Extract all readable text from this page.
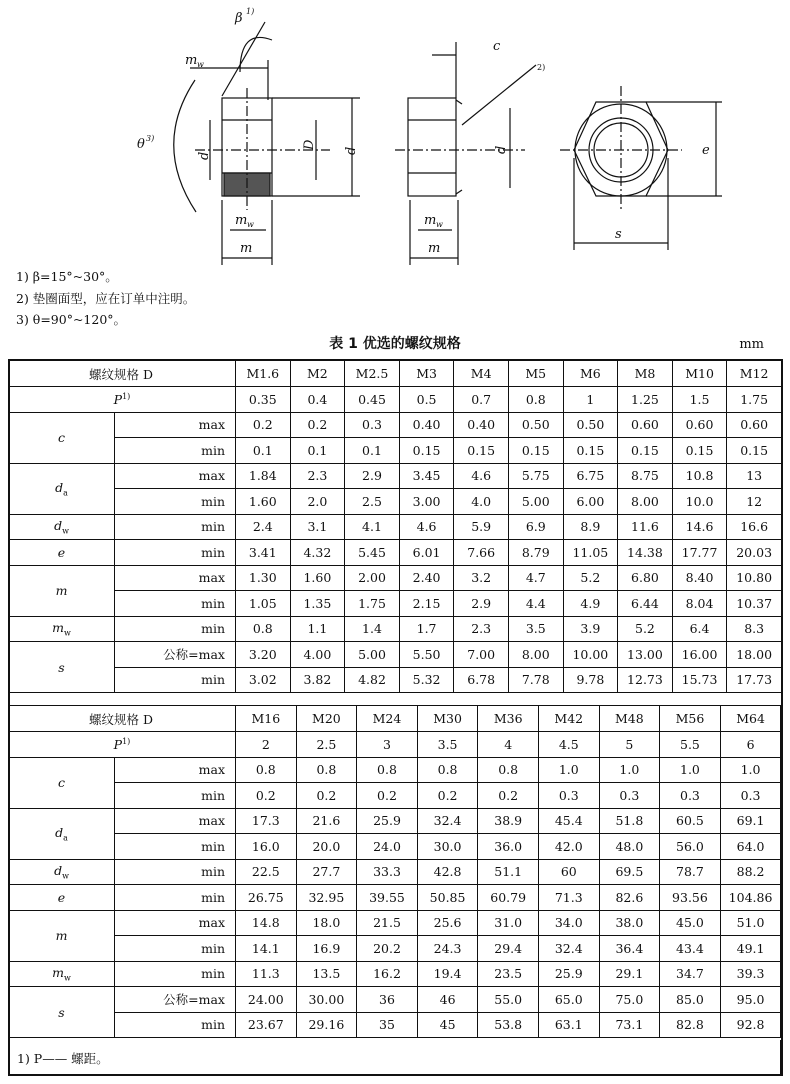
β 1)
θ 3)
m w
d
D
d
m w
m
c
2)
d
m w
m
e
s
1) β=15°~30°。
2) 垫圈面型，应在订单中注明。
3) θ=90°~120°。
表 1 优选的螺纹规格	mm
螺纹规格 D		M1.6	M2	M2.5	M3	M4	M5	M6	M8	M10	M12
$P^{1)}$		0.35	0.4	0.45	0.5	0.7	0.8	1	1.25	1.5	1.75
c	max	0.2	0.2	0.3	0.40	0.40	0.50	0.50	0.60	0.60	0.60
	min	0.1	0.1	0.1	0.15	0.15	0.15	0.15	0.15	0.15	0.15
$d_a$	max	1.84	2.3	2.9	3.45	4.6	5.75	6.75	8.75	10.8	13
	min	1.60	2.0	2.5	3.00	4.0	5.00	6.00	8.00	10.0	12
$d_w$	min	2.4	3.1	4.1	4.6	5.9	6.9	8.9	11.6	14.6	16.6
e	min	3.41	4.32	5.45	6.01	7.66	8.79	11.05	14.38	17.77	20.03
m	max	1.30	1.60	2.00	2.40	3.2	4.7	5.2	6.80	8.40	10.80
	min	1.05	1.35	1.75	2.15	2.9	4.4	4.9	6.44	8.04	10.37
$m_w$	min	0.8	1.1	1.4	1.7	2.3	3.5	3.9	5.2	6.4	8.3
s	公称=max	3.20	4.00	5.00	5.50	7.00	8.00	10.00	13.00	16.00	18.00
	min	3.02	3.82	4.82	5.32	6.78	7.78	9.78	12.73	15.73	17.73
螺纹规格 D		M16	M20	M24	M30	M36	M42	M48	M56	M64
$P^{1)}$		2	2.5	3	3.5	4	4.5	5	5.5	6
c	max	0.8	0.8	0.8	0.8	0.8	1.0	1.0	1.0	1.0
	min	0.2	0.2	0.2	0.2	0.2	0.3	0.3	0.3	0.3
$d_a$	max	17.3	21.6	25.9	32.4	38.9	45.4	51.8	60.5	69.1
	min	16.0	20.0	24.0	30.0	36.0	42.0	48.0	56.0	64.0
$d_w$	min	22.5	27.7	33.3	42.8	51.1	60	69.5	78.7	88.2
e	min	26.75	32.95	39.55	50.85	60.79	71.3	82.6	93.56	104.86
m	max	14.8	18.0	21.5	25.6	31.0	34.0	38.0	45.0	51.0
	min	14.1	16.9	20.2	24.3	29.4	32.4	36.4	43.4	49.1
$m_w$	min	11.3	13.5	16.2	19.4	23.5	25.9	29.1	34.7	39.3
s	公称=max	24.00	30.00	36	46	55.0	65.0	75.0	85.0	95.0
	min	23.67	29.16	35	45	53.8	63.1	73.1	82.8	92.8
1) P—— 螺距。
